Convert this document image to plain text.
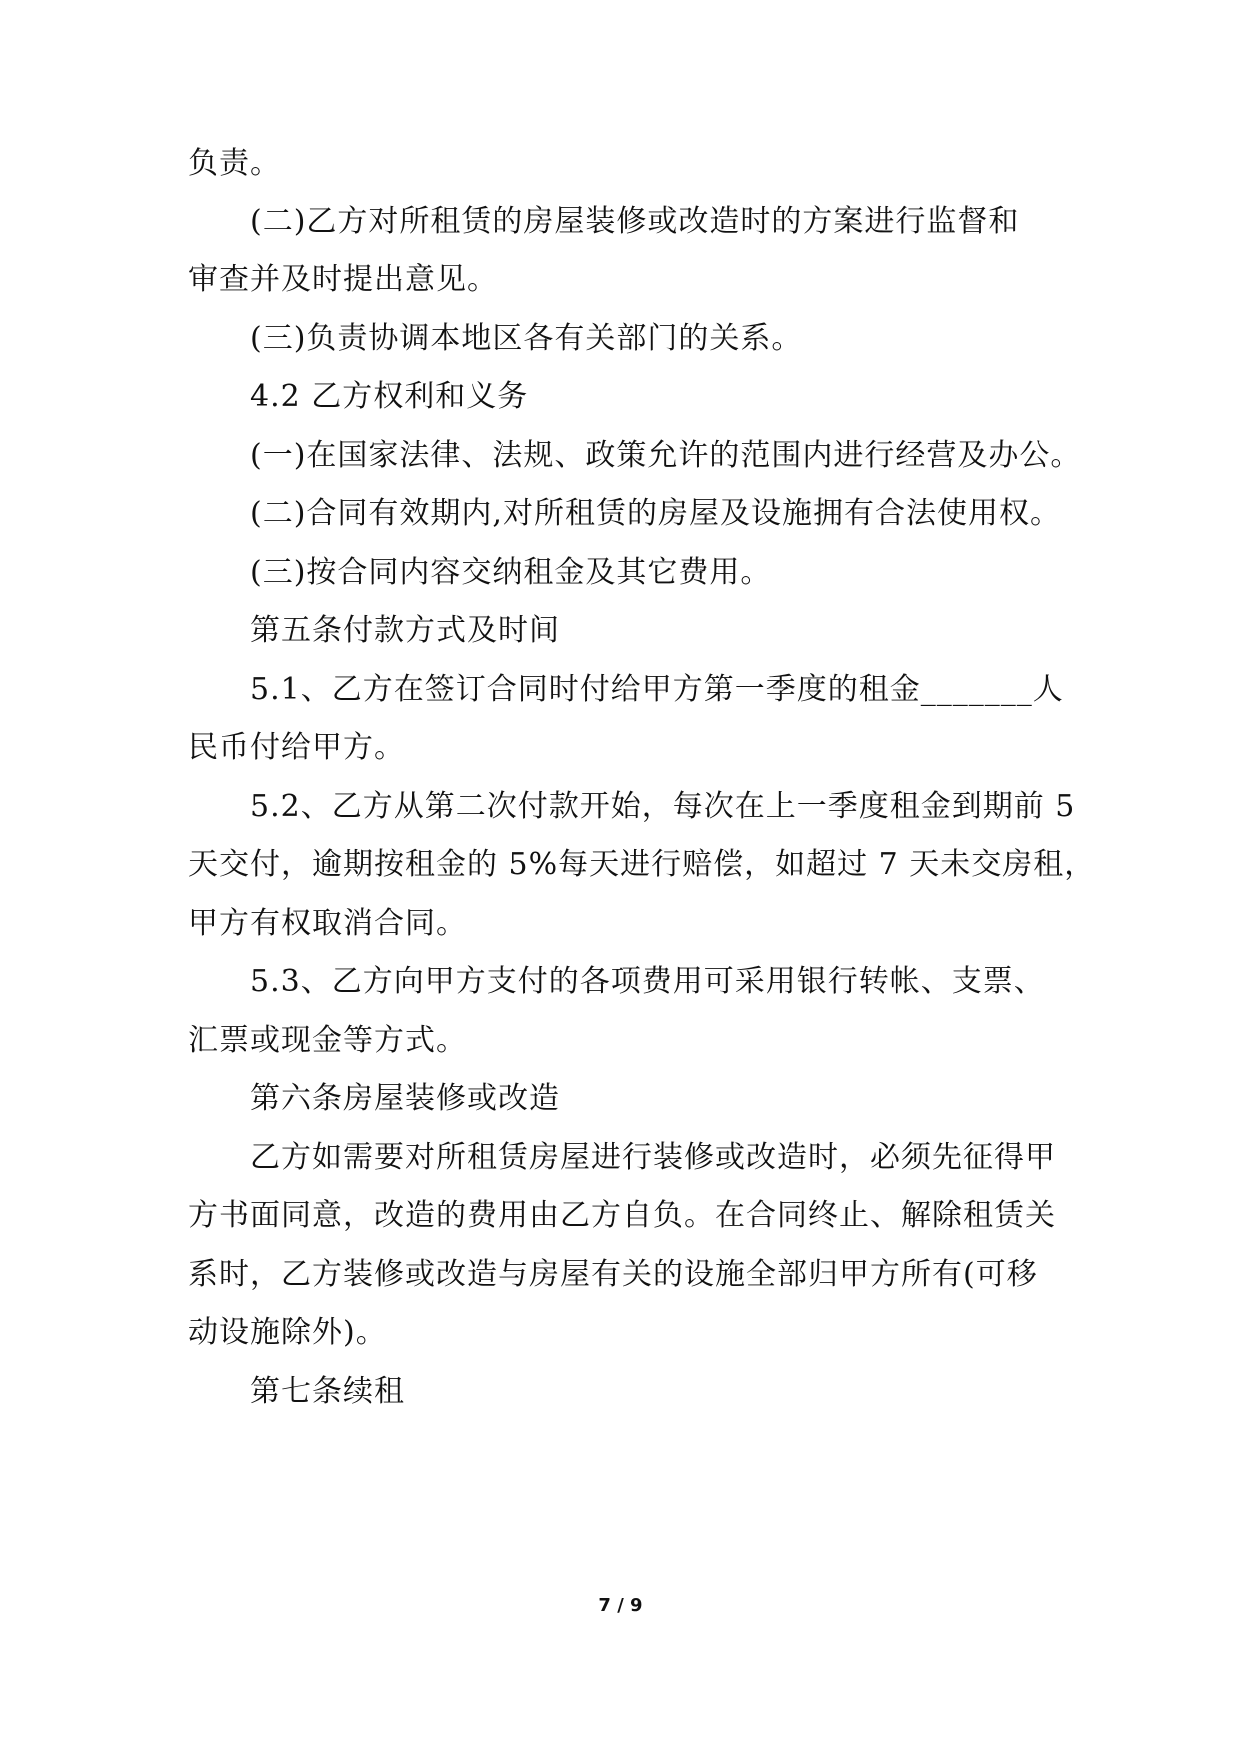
负责。
(二)乙方对所租赁的房屋装修或改造时的方案进行监督和
审查并及时提出意见。
(三)负责协调本地区各有关部门的关系。
4.2 乙方权利和义务
(一)在国家法律、法规、政策允许的范围内进行经营及办公。
(二)合同有效期内,对所租赁的房屋及设施拥有合法使用权。
(三)按合同内容交纳租金及其它费用。
第五条付款方式及时间
5.1、乙方在签订合同时付给甲方第一季度的租金_______人
民币付给甲方。
5.2、乙方从第二次付款开始，每次在上一季度租金到期前 5
天交付，逾期按租金的 5%每天进行赔偿，如超过 7 天未交房租，
甲方有权取消合同。
5.3、乙方向甲方支付的各项费用可采用银行转帐、支票、
汇票或现金等方式。
第六条房屋装修或改造
乙方如需要对所租赁房屋进行装修或改造时，必须先征得甲
方书面同意，改造的费用由乙方自负。在合同终止、解除租赁关
系时，乙方装修或改造与房屋有关的设施全部归甲方所有(可移
动设施除外)。
第七条续租
7 / 9
